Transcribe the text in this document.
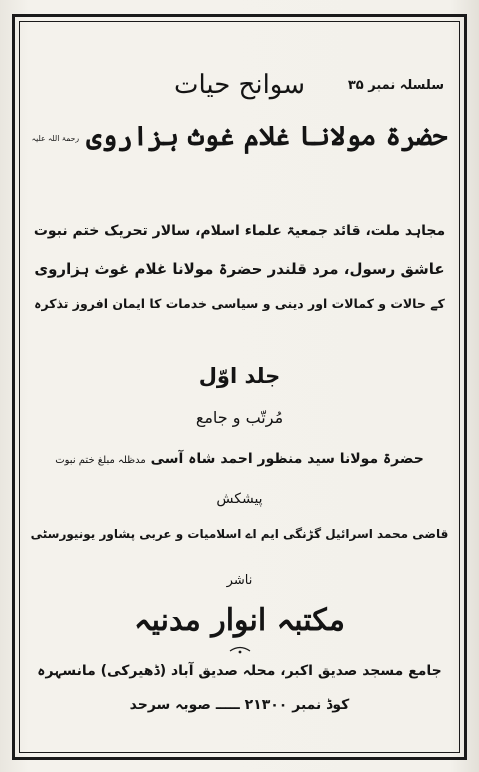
سلسلہ نمبر ۳۵
سوانح حیات
حضرۃ مولانا غلام غوث ہزاروی $^{رحمۃ اللہ علیہ}$
مجاہد ملت، قائد جمعیۃ علماء اسلام، سالار تحریک ختم نبوت
عاشق رسول، مرد قلندر حضرۃ مولانا غلام غوث ہزاروی
کے حالات و کمالات اور دینی و سیاسی خدمات کا ایمان افروز تذکرہ
جلد اوّل
مُرتّب و جامع
حضرۃ مولانا سید منظور احمد شاہ آسی مدظلہ مبلغ ختم نبوت
پیشکش
قاضی محمد اسرائیل گڑنگی ایم اے اسلامیات و عربی پشاور یونیورسٹی
ناشر
مکتبہ انوار مدنیہ
جامع مسجد صدیق اکبر، محلہ صدیق آباد (ڈھیرکی) مانسہرہ
کوڈ نمبر ۲۱۳۰۰ ـــــ صوبہ سرحد
